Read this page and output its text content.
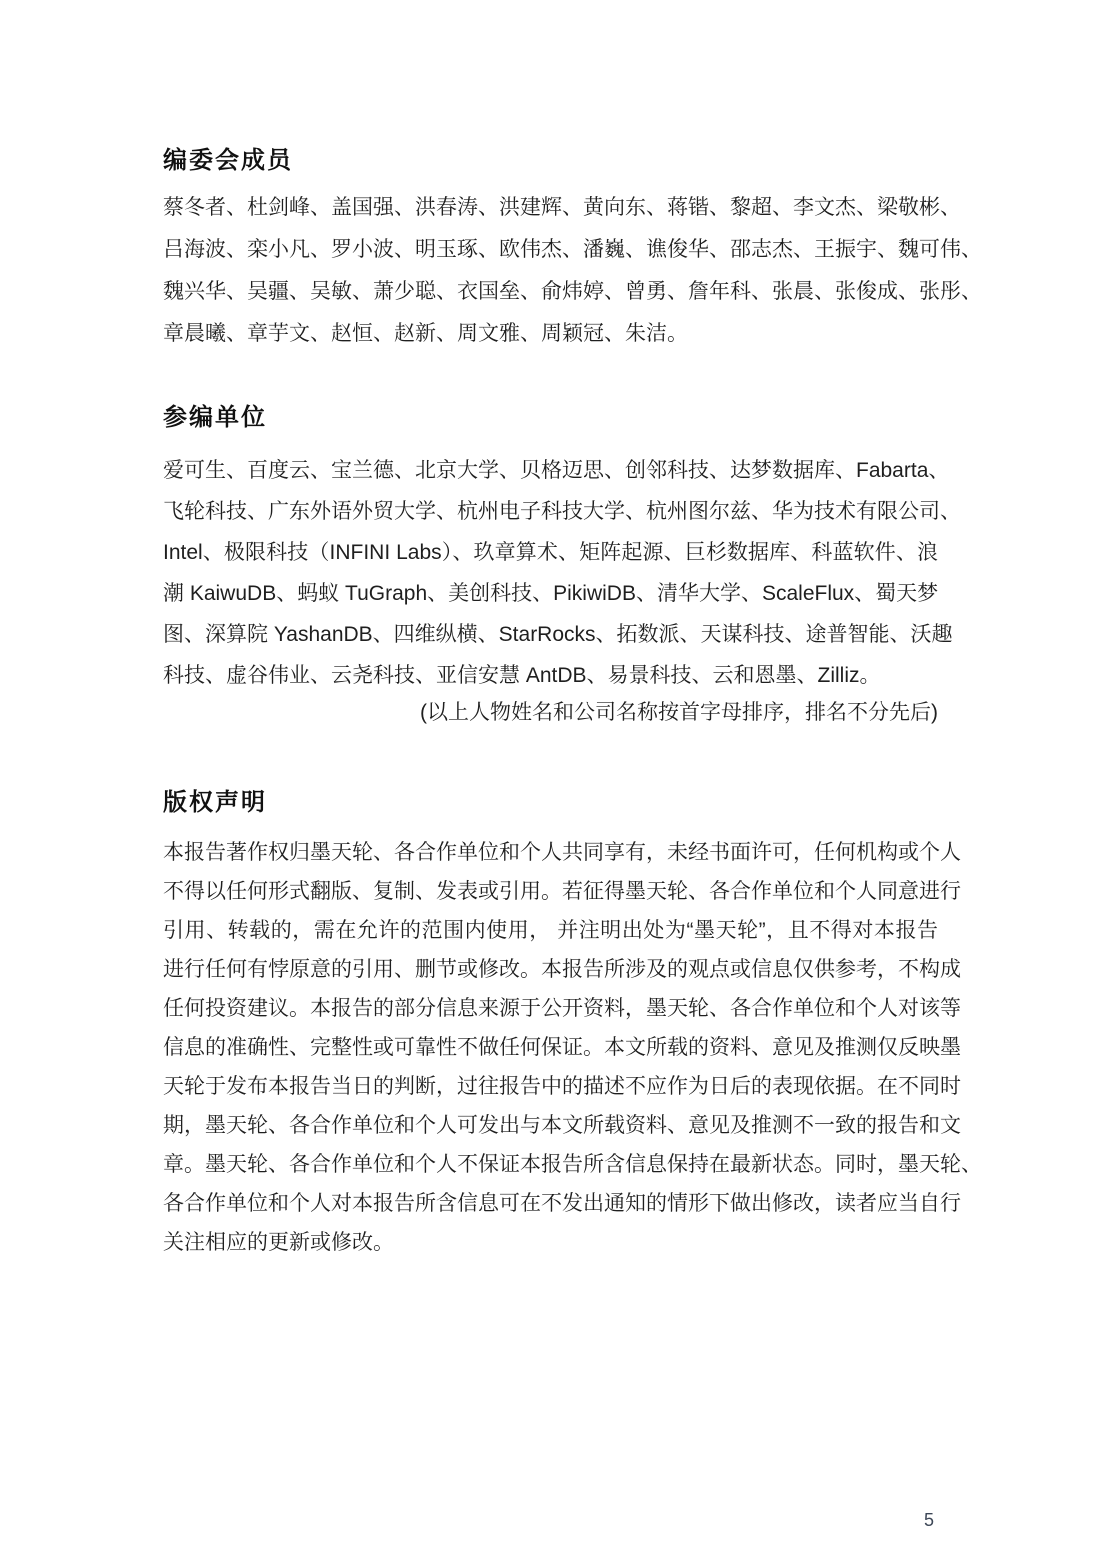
编委会成员
蔡冬者、杜剑峰、盖国强、洪春涛、洪建辉、黄向东、蒋锴、黎超、李文杰、梁敬彬、
吕海波、栾小凡、罗小波、明玉琢、欧伟杰、潘巍、谯俊华、邵志杰、王振宇、魏可伟、
魏兴华、吴疆、吴敏、萧少聪、衣国垒、俞炜婷、曾勇、詹年科、张晨、张俊成、张彤、
章晨曦、章芋文、赵恒、赵新、周文雅、周颖冠、朱洁。
参编单位
爱可生、百度云、宝兰德、北京大学、贝格迈思、创邻科技、达梦数据库、Fabarta、
飞轮科技、广东外语外贸大学、杭州电子科技大学、杭州图尔兹、华为技术有限公司、
Intel、极限科技（INFINI Labs）、玖章算术、矩阵起源、巨杉数据库、科蓝软件、浪
潮 KaiwuDB、蚂蚁 TuGraph、美创科技、PikiwiDB、清华大学、ScaleFlux、蜀天梦
图、深算院 YashanDB、四维纵横、StarRocks、拓数派、天谋科技、途普智能、沃趣
科技、虚谷伟业、云尧科技、亚信安慧 AntDB、易景科技、云和恩墨、Zilliz。
(以上人物姓名和公司名称按首字母排序，排名不分先后)
版权声明
本报告著作权归墨天轮、各合作单位和个人共同享有，未经书面许可，任何机构或个人
不得以任何形式翻版、复制、发表或引用。若征得墨天轮、各合作单位和个人同意进行
引用、转载的，需在允许的范围内使用， 并注明出处为“墨天轮”，且不得对本报告
进行任何有悖原意的引用、删节或修改。本报告所涉及的观点或信息仅供参考，不构成
任何投资建议。本报告的部分信息来源于公开资料，墨天轮、各合作单位和个人对该等
信息的准确性、完整性或可靠性不做任何保证。本文所载的资料、意见及推测仅反映墨
天轮于发布本报告当日的判断，过往报告中的描述不应作为日后的表现依据。在不同时
期，墨天轮、各合作单位和个人可发出与本文所载资料、意见及推测不一致的报告和文
章。墨天轮、各合作单位和个人不保证本报告所含信息保持在最新状态。同时，墨天轮、
各合作单位和个人对本报告所含信息可在不发出通知的情形下做出修改，读者应当自行
关注相应的更新或修改。
5
